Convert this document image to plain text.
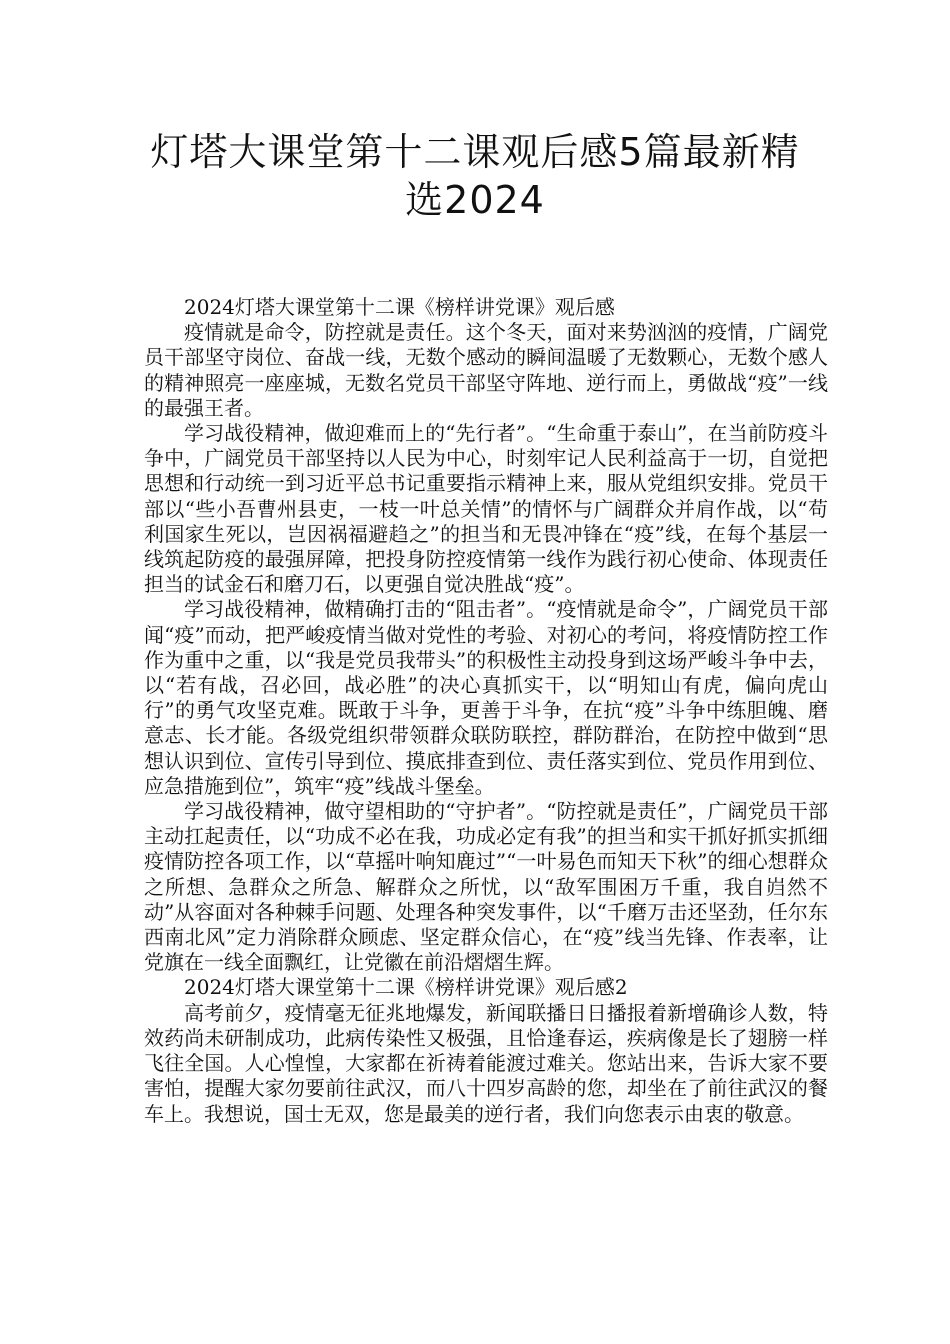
灯塔大课堂第十二课观后感5篇最新精
选2024

2024灯塔大课堂第十二课《榜样讲党课》观后感

疫情就是命令，防控就是责任。这个冬天，面对来势汹汹的疫情，广阔党员干部坚守岗位、奋战一线，无数个感动的瞬间温暖了无数颗心，无数个感人的精神照亮一座座城，无数名党员干部坚守阵地、逆行而上，勇做战“疫”一线的最强王者。

学习战役精神，做迎难而上的“先行者”。“生命重于泰山”，在当前防疫斗争中，广阔党员干部坚持以人民为中心，时刻牢记人民利益高于一切，自觉把思想和行动统一到习近平总书记重要指示精神上来，服从党组织安排。党员干部以“些小吾曹州县吏，一枝一叶总关情”的情怀与广阔群众并肩作战，以“苟利国家生死以，岂因祸福避趋之”的担当和无畏冲锋在“疫”线，在每个基层一线筑起防疫的最强屏障，把投身防控疫情第一线作为践行初心使命、体现责任担当的试金石和磨刀石，以更强自觉决胜战“疫”。

学习战役精神，做精确打击的“阻击者”。“疫情就是命令”，广阔党员干部闻“疫”而动，把严峻疫情当做对党性的考验、对初心的考问，将疫情防控工作作为重中之重，以“我是党员我带头”的积极性主动投身到这场严峻斗争中去，以“若有战，召必回，战必胜”的决心真抓实干，以“明知山有虎，偏向虎山行”的勇气攻坚克难。既敢于斗争，更善于斗争，在抗“疫”斗争中练胆魄、磨意志、长才能。各级党组织带领群众联防联控，群防群治，在防控中做到“思想认识到位、宣传引导到位、摸底排查到位、责任落实到位、党员作用到位、应急措施到位”，筑牢“疫”线战斗堡垒。

学习战役精神，做守望相助的“守护者”。“防控就是责任”，广阔党员干部主动扛起责任，以“功成不必在我，功成必定有我”的担当和实干抓好抓实抓细疫情防控各项工作，以“草摇叶响知鹿过”“一叶易色而知天下秋”的细心想群众之所想、急群众之所急、解群众之所忧，以“敌军围困万千重，我自岿然不动”从容面对各种棘手问题、处理各种突发事件，以“千磨万击还坚劲，任尔东西南北风”定力消除群众顾虑、坚定群众信心，在“疫”线当先锋、作表率，让党旗在一线全面飘红，让党徽在前沿熠熠生辉。

2024灯塔大课堂第十二课《榜样讲党课》观后感2

高考前夕，疫情毫无征兆地爆发，新闻联播日日播报着新增确诊人数，特效药尚未研制成功，此病传染性又极强，且恰逢春运，疾病像是长了翅膀一样飞往全国。人心惶惶，大家都在祈祷着能渡过难关。您站出来，告诉大家不要害怕，提醒大家勿要前往武汉，而八十四岁高龄的您，却坐在了前往武汉的餐车上。我想说，国士无双，您是最美的逆行者，我们向您表示由衷的敬意。
